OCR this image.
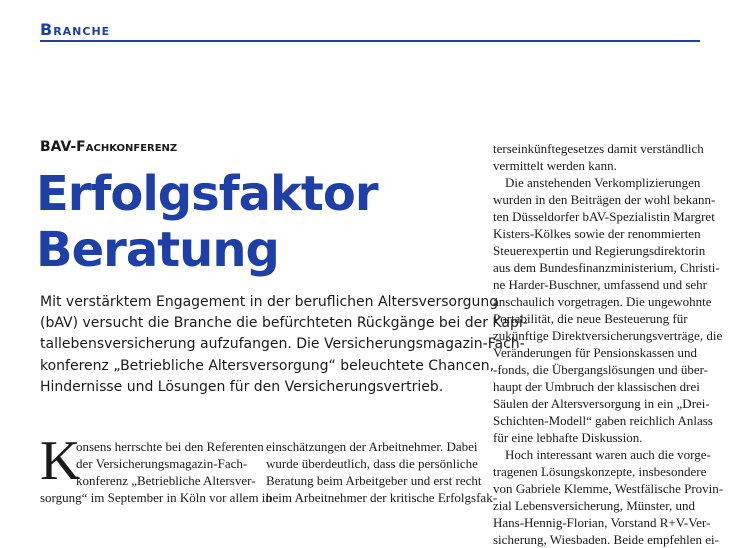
Branche
BAV-Fachkonferenz
Erfolgsfaktor
Beratung
Mit verstärktem Engagement in der beruflichen Altersversorgung
(bAV) versucht die Branche die befürchteten Rückgänge bei der Kapi-
tallebensversicherung aufzufangen. Die Versicherungsmagazin-Fach-
konferenz „Betriebliche Altersversorgung“ beleuchtete Chancen,
Hindernisse und Lösungen für den Versicherungsvertrieb.
K
onsens herrschte bei den Referenten
der Versicherungsmagazin-Fach-
konferenz „Betriebliche Altersver-
sorgung“ im September in Köln vor allem in
einschätzungen der Arbeitnehmer. Dabei
wurde überdeutlich, dass die persönliche
Beratung beim Arbeitgeber und erst recht
beim Arbeitnehmer der kritische Erfolgsfak-
terseinkünftegesetzes damit verständlich
vermittelt werden kann.
Die anstehenden Verkomplizierungen
wurden in den Beiträgen der wohl bekann-
ten Düsseldorfer bAV-Spezialistin Margret
Kisters-Kölkes sowie der renommierten
Steuerexpertin und Regierungsdirektorin
aus dem Bundesfinanzministerium, Christi-
ne Harder-Buschner, umfassend und sehr
anschaulich vorgetragen. Die ungewohnte
Portabilität, die neue Besteuerung für
zukünftige Direktversicherungsverträge, die
Veränderungen für Pensionskassen und
-fonds, die Übergangslösungen und über-
haupt der Umbruch der klassischen drei
Säulen der Altersversorgung in ein „Drei-
Schichten-Modell“ gaben reichlich Anlass
für eine lebhafte Diskussion.
Hoch interessant waren auch die vorge-
tragenen Lösungskonzepte, insbesondere
von Gabriele Klemme, Westfälische Provin-
zial Lebensversicherung, Münster, und
Hans-Hennig-Florian, Vorstand R+V-Ver-
sicherung, Wiesbaden. Beide empfehlen ei-
